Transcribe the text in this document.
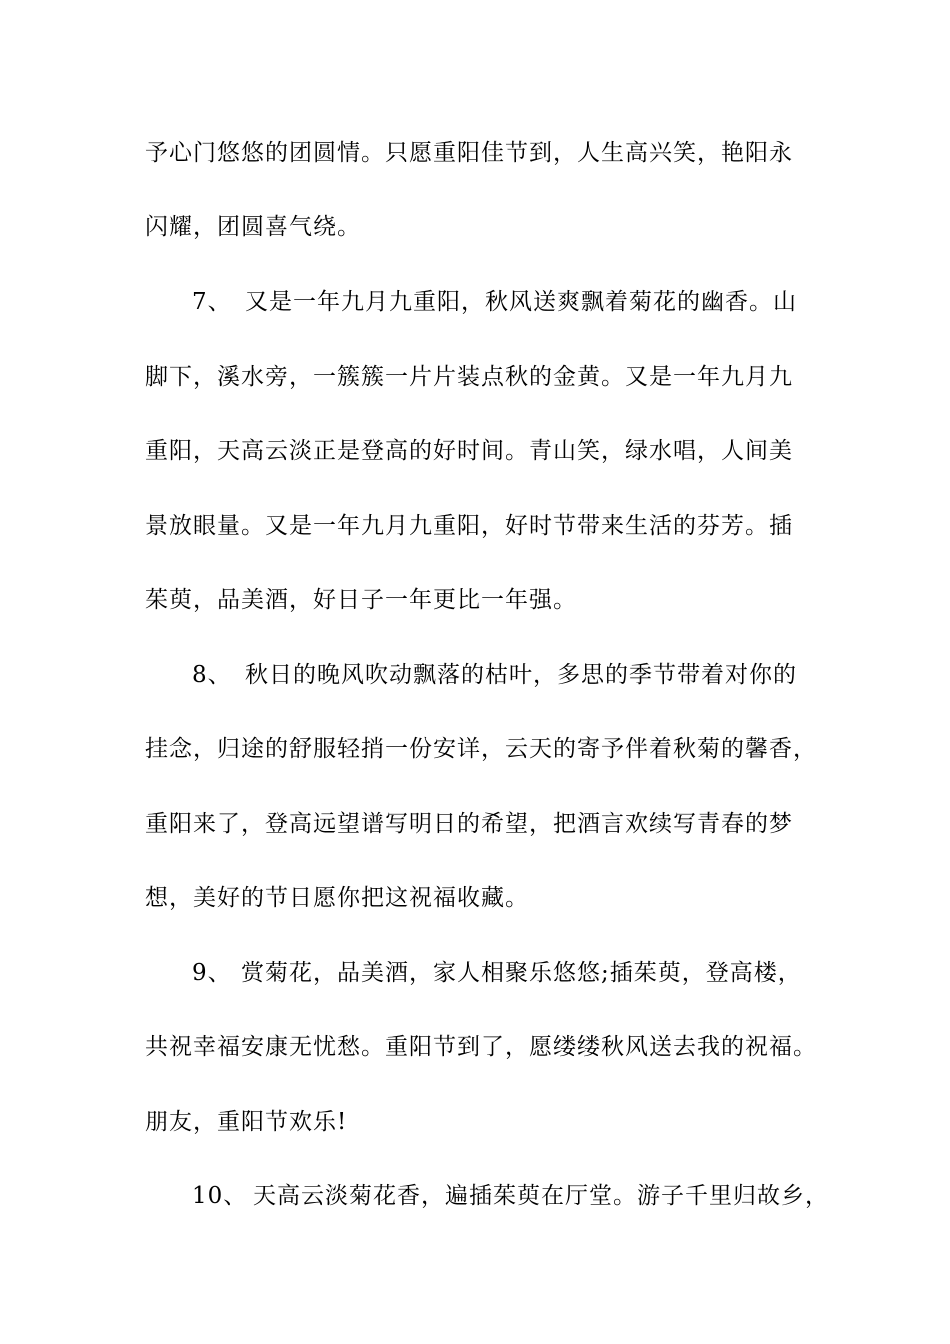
予心门悠悠的团圆情。只愿重阳佳节到，人生高兴笑，艳阳永
闪耀，团圆喜气绕。
7、 又是一年九月九重阳，秋风送爽飘着菊花的幽香。山
脚下，溪水旁，一簇簇一片片装点秋的金黄。又是一年九月九
重阳，天高云淡正是登高的好时间。青山笑，绿水唱，人间美
景放眼量。又是一年九月九重阳，好时节带来生活的芬芳。插
茱萸，品美酒，好日子一年更比一年强。
8、 秋日的晚风吹动飘落的枯叶，多思的季节带着对你的
挂念，归途的舒服轻捎一份安详，云天的寄予伴着秋菊的馨香，
重阳来了，登高远望谱写明日的希望，把酒言欢续写青春的梦
想，美好的节日愿你把这祝福收藏。
9、 赏菊花，品美酒，家人相聚乐悠悠;插茱萸，登高楼，
共祝幸福安康无忧愁。重阳节到了，愿缕缕秋风送去我的祝福。
朋友，重阳节欢乐!
10、 天高云淡菊花香，遍插茱萸在厅堂。游子千里归故乡，
